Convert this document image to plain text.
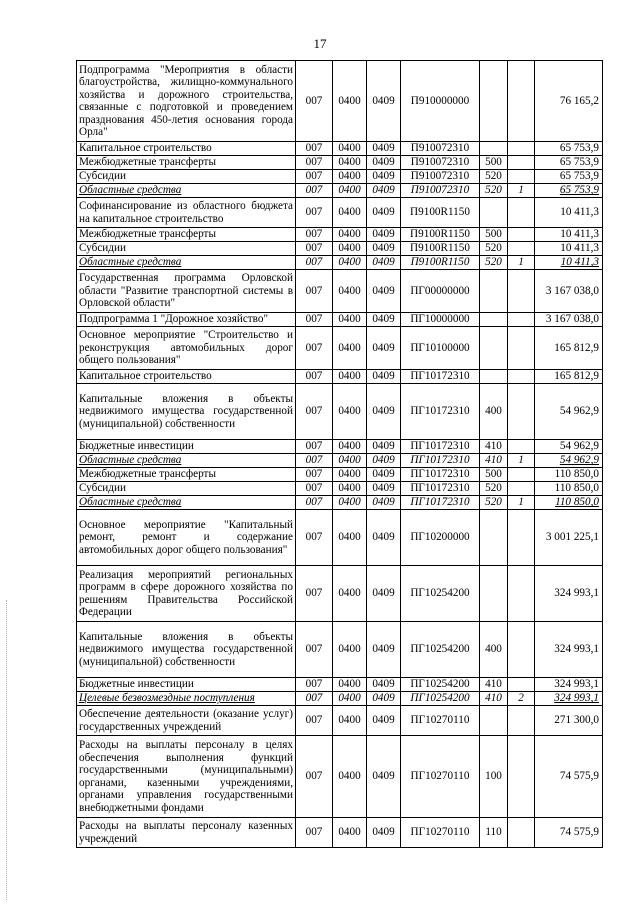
17
Подпрограмма "Мероприятия в области благоустройства, жилищно-коммунального хозяйства и дорожного строительства, связанные с подготовкой и проведением празднования 450-летия основания города Орла"	007	0400	0409	П910000000			76 165,2
Капитальное строительство	007	0400	0409	П910072310			65 753,9
Межбюджетные трансферты	007	0400	0409	П910072310	500		65 753,9
Субсидии	007	0400	0409	П910072310	520		65 753,9
Областные средства	007	0400	0409	П910072310	520	1	65 753,9
Софинансирование из областного бюджета на капитальное строительство	007	0400	0409	П9100R1150			10 411,3
Межбюджетные трансферты	007	0400	0409	П9100R1150	500		10 411,3
Субсидии	007	0400	0409	П9100R1150	520		10 411,3
Областные средства	007	0400	0409	П9100R1150	520	1	10 411,3
Государственная программа Орловской области "Развитие транспортной системы в Орловской области"	007	0400	0409	ПГ00000000			3 167 038,0
Подпрограмма 1 "Дорожное хозяйство"	007	0400	0409	ПГ10000000			3 167 038,0
Основное мероприятие "Строительство и реконструкция автомобильных дорог общего пользования"	007	0400	0409	ПГ10100000			165 812,9
Капитальное строительство	007	0400	0409	ПГ10172310			165 812,9
Капитальные вложения в объекты недвижимого имущества государственной (муниципальной) собственности	007	0400	0409	ПГ10172310	400		54 962,9
Бюджетные инвестиции	007	0400	0409	ПГ10172310	410		54 962,9
Областные средства	007	0400	0409	ПГ10172310	410	1	54 962,9
Межбюджетные трансферты	007	0400	0409	ПГ10172310	500		110 850,0
Субсидии	007	0400	0409	ПГ10172310	520		110 850,0
Областные средства	007	0400	0409	ПГ10172310	520	1	110 850,0
Основное мероприятие "Капитальный ремонт, ремонт и содержание автомобильных дорог общего пользования"	007	0400	0409	ПГ10200000			3 001 225,1
Реализация мероприятий региональных программ в сфере дорожного хозяйства по решениям Правительства Российской Федерации	007	0400	0409	ПГ10254200			324 993,1
Капитальные вложения в объекты недвижимого имущества государственной (муниципальной) собственности	007	0400	0409	ПГ10254200	400		324 993,1
Бюджетные инвестиции	007	0400	0409	ПГ10254200	410		324 993,1
Целевые безвозмездные поступления	007	0400	0409	ПГ10254200	410	2	324 993,1
Обеспечение деятельности (оказание услуг) государственных учреждений	007	0400	0409	ПГ10270110			271 300,0
Расходы на выплаты персоналу в целях обеспечения выполнения функций государственными (муниципальными) органами, казенными учреждениями, органами управления государственными внебюджетными фондами	007	0400	0409	ПГ10270110	100		74 575,9
Расходы на выплаты персоналу казенных учреждений	007	0400	0409	ПГ10270110	110		74 575,9
